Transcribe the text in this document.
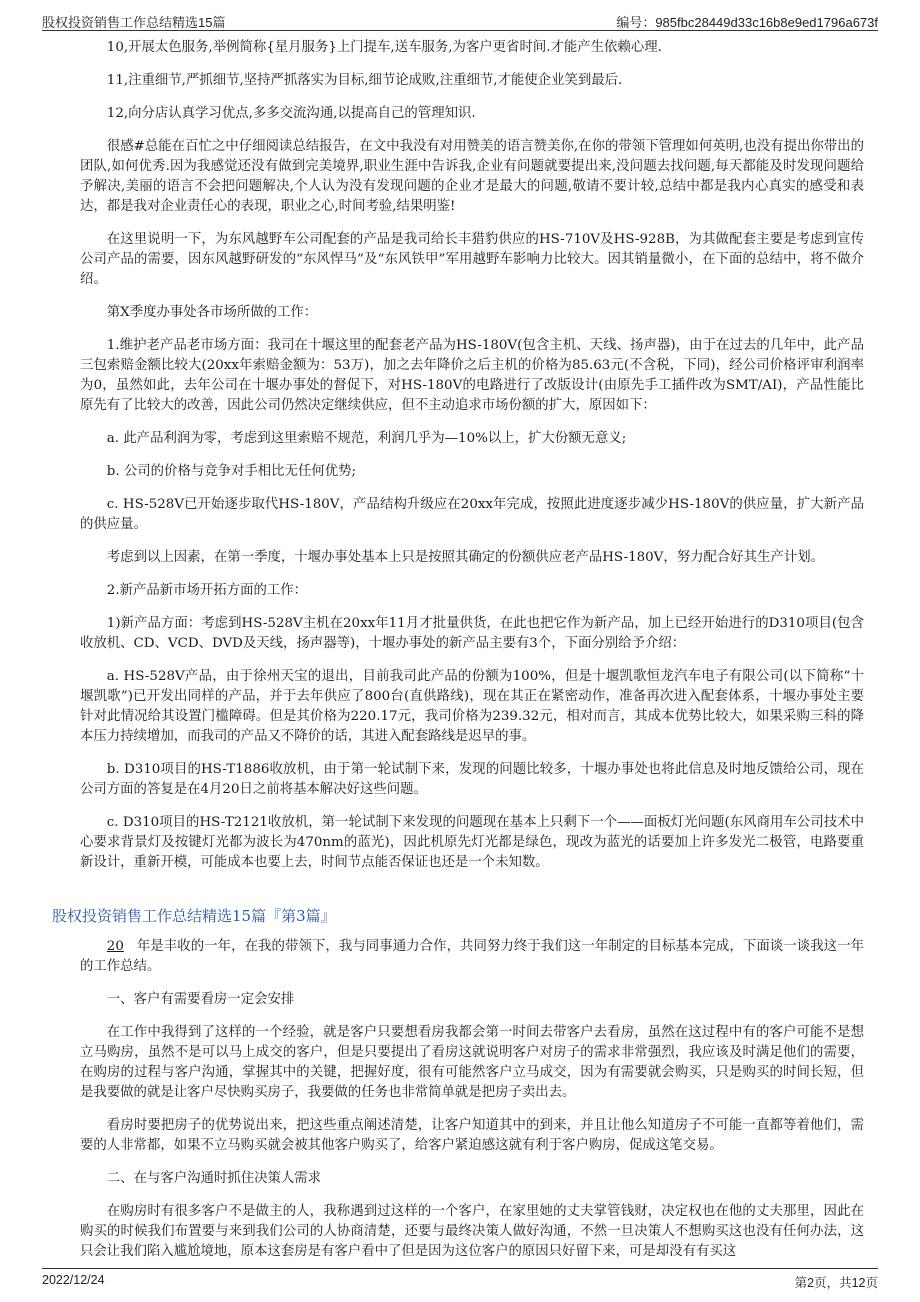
股权投资销售工作总结精选15篇	编号：985fbc28449d33c16b8e9ed1796a673f

10,开展太色服务,举例简称{星月服务}上门提车,送车服务,为客户更省时间.才能产生依赖心理.

11,注重细节,严抓细节,坚持严抓落实为目标,细节论成败,注重细节,才能使企业笑到最后.

12,向分店认真学习优点,多多交流沟通,以提高自己的管理知识.

很感#总能在百忙之中仔细阅读总结报告，在文中我没有对用赞美的语言赞美你,在你的带领下管理如何英明,也没有提出你带出的团队,如何优秀.因为我感觉还没有做到完美境界,职业生涯中告诉我,企业有问题就要提出来,没问题去找问题,每天都能及时发现问题给予解决,美丽的语言不会把问题解决,个人认为没有发现问题的企业才是最大的问题,敬请不要计较,总结中都是我内心真实的感受和表达，都是我对企业责任心的表现，职业之心,时间考验,结果明鉴!

在这里说明一下，为东风越野车公司配套的产品是我司给长丰猎豹供应的HS-710V及HS-928B，为其做配套主要是考虑到宣传公司产品的需要，因东风越野研发的“东风悍马”及“东风铁甲”军用越野车影响力比较大。因其销量微小，在下面的总结中，将不做介绍。

第X季度办事处各市场所做的工作：

1.维护老产品老市场方面：我司在十堰这里的配套老产品为HS-180V(包含主机、天线、扬声器)，由于在过去的几年中，此产品三包索赔金额比较大(20xx年索赔金额为：53万)，加之去年降价之后主机的价格为85.63元(不含税，下同)，经公司价格评审利润率为0，虽然如此，去年公司在十堰办事处的督促下，对HS-180V的电路进行了改版设计(由原先手工插件改为SMT/AI)，产品性能比原先有了比较大的改善，因此公司仍然决定继续供应，但不主动追求市场份额的扩大，原因如下：

a. 此产品利润为零，考虑到这里索赔不规范，利润几乎为—10%以上，扩大份额无意义;

b. 公司的价格与竞争对手相比无任何优势;

c. HS-528V已开始逐步取代HS-180V，产品结构升级应在20xx年完成，按照此进度逐步减少HS-180V的供应量，扩大新产品的供应量。

考虑到以上因素，在第一季度，十堰办事处基本上只是按照其确定的份额供应老产品HS-180V，努力配合好其生产计划。

2.新产品新市场开拓方面的工作：

1)新产品方面：考虑到HS-528V主机在20xx年11月才批量供货，在此也把它作为新产品，加上已经开始进行的D310项目(包含收放机、CD、VCD、DVD及天线，扬声器等)，十堰办事处的新产品主要有3个，下面分别给予介绍：

a. HS-528V产品，由于徐州天宝的退出，目前我司此产品的份额为100%，但是十堰凯歌恒龙汽车电子有限公司(以下简称“十堰凯歌”)已开发出同样的产品，并于去年供应了800台(直供路线)，现在其正在紧密动作，准备再次进入配套体系，十堰办事处主要针对此情况给其设置门槛障碍。但是其价格为220.17元，我司价格为239.32元，相对而言，其成本优势比较大，如果采购三科的降本压力持续增加，而我司的产品又不降价的话，其进入配套路线是迟早的事。

b. D310项目的HS-T1886收放机，由于第一轮试制下来，发现的问题比较多，十堰办事处也将此信息及时地反馈给公司，现在公司方面的答复是在4月20日之前将基本解决好这些问题。

c. D310项目的HS-T2121收放机，第一轮试制下来发现的问题现在基本上只剩下一个——面板灯光问题(东风商用车公司技术中心要求背景灯及按键灯光都为波长为470nm的蓝光)，因此机原先灯光都是绿色，现改为蓝光的话要加上许多发光二极管，电路要重新设计，重新开模，可能成本也要上去，时间节点能否保证也还是一个未知数。

股权投资销售工作总结精选15篇『第3篇』

20 年是丰收的一年，在我的带领下，我与同事通力合作，共同努力终于我们这一年制定的目标基本完成，下面谈一谈我这一年的工作总结。

一、客户有需要看房一定会安排

在工作中我得到了这样的一个经验，就是客户只要想看房我都会第一时间去带客户去看房，虽然在这过程中有的客户可能不是想立马购房，虽然不是可以马上成交的客户，但是只要提出了看房这就说明客户对房子的需求非常强烈，我应该及时满足他们的需要，在购房的过程与客户沟通，掌握其中的关键，把握好度，很有可能然客户立马成交，因为有需要就会购买，只是购买的时间长短，但是我要做的就是让客户尽快购买房子，我要做的任务也非常简单就是把房子卖出去。

看房时要把房子的优势说出来，把这些重点阐述清楚，让客户知道其中的到来，并且让他么知道房子不可能一直都等着他们，需要的人非常都，如果不立马购买就会被其他客户购买了，给客户紧迫感这就有利于客户购房，促成这笔交易。

二、在与客户沟通时抓住决策人需求

在购房时有很多客户不是做主的人，我称遇到过这样的一个客户，在家里她的丈夫掌管钱财，决定权也在他的丈夫那里，因此在购买的时候我们布置要与来到我们公司的人协商清楚，还要与最终决策人做好沟通，不然一旦决策人不想购买这也没有任何办法，这只会让我们陷入尴尬境地，原本这套房是有客户看中了但是因为这位客户的原因只好留下来，可是却没有有买这

2022/12/24	第2页，共12页
